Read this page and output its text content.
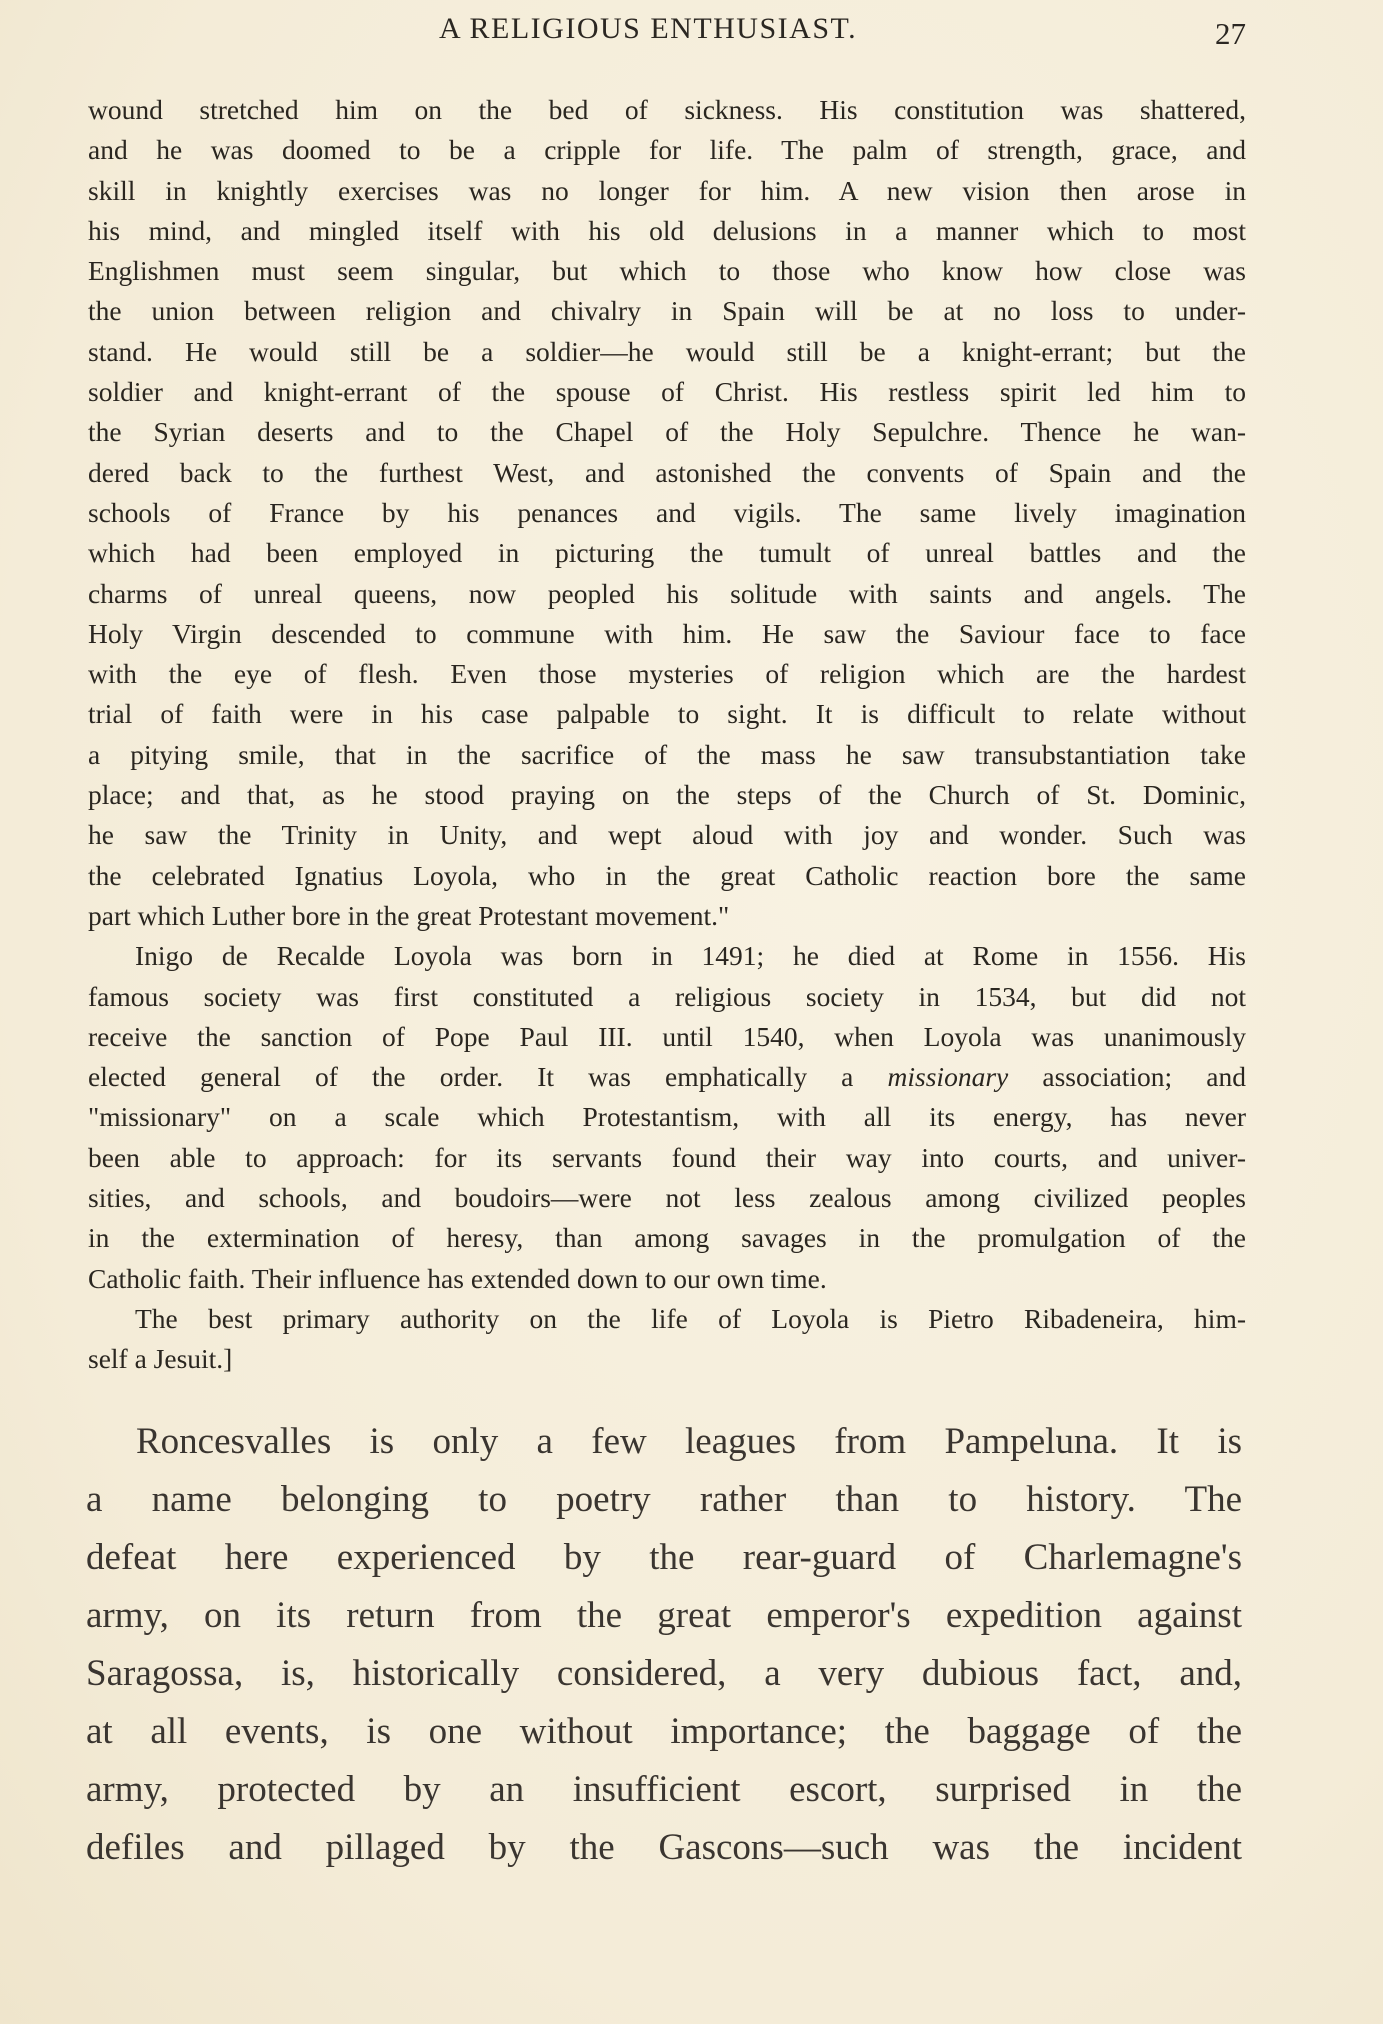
A RELIGIOUS ENTHUSIAST.	27
wound stretched him on the bed of sickness. His constitution was shattered,
and he was doomed to be a cripple for life. The palm of strength, grace, and
skill in knightly exercises was no longer for him. A new vision then arose in
his mind, and mingled itself with his old delusions in a manner which to most
Englishmen must seem singular, but which to those who know how close was
the union between religion and chivalry in Spain will be at no loss to under-
stand. He would still be a soldier—he would still be a knight-errant; but the
soldier and knight-errant of the spouse of Christ. His restless spirit led him to
the Syrian deserts and to the Chapel of the Holy Sepulchre. Thence he wan-
dered back to the furthest West, and astonished the convents of Spain and the
schools of France by his penances and vigils. The same lively imagination
which had been employed in picturing the tumult of unreal battles and the
charms of unreal queens, now peopled his solitude with saints and angels. The
Holy Virgin descended to commune with him. He saw the Saviour face to face
with the eye of flesh. Even those mysteries of religion which are the hardest
trial of faith were in his case palpable to sight. It is difficult to relate without
a pitying smile, that in the sacrifice of the mass he saw transubstantiation take
place; and that, as he stood praying on the steps of the Church of St. Dominic,
he saw the Trinity in Unity, and wept aloud with joy and wonder. Such was
the celebrated Ignatius Loyola, who in the great Catholic reaction bore the same
part which Luther bore in the great Protestant movement."
Inigo de Recalde Loyola was born in 1491; he died at Rome in 1556. His
famous society was first constituted a religious society in 1534, but did not
receive the sanction of Pope Paul III. until 1540, when Loyola was unanimously
elected general of the order. It was emphatically a missionary association; and
"missionary" on a scale which Protestantism, with all its energy, has never
been able to approach: for its servants found their way into courts, and univer-
sities, and schools, and boudoirs—were not less zealous among civilized peoples
in the extermination of heresy, than among savages in the promulgation of the
Catholic faith. Their influence has extended down to our own time.
The best primary authority on the life of Loyola is Pietro Ribadeneira, him-
self a Jesuit.]
Roncesvalles is only a few leagues from Pampeluna. It is
a name belonging to poetry rather than to history. The
defeat here experienced by the rear-guard of Charlemagne's
army, on its return from the great emperor's expedition against
Saragossa, is, historically considered, a very dubious fact, and,
at all events, is one without importance; the baggage of the
army, protected by an insufficient escort, surprised in the
defiles and pillaged by the Gascons—such was the incident
